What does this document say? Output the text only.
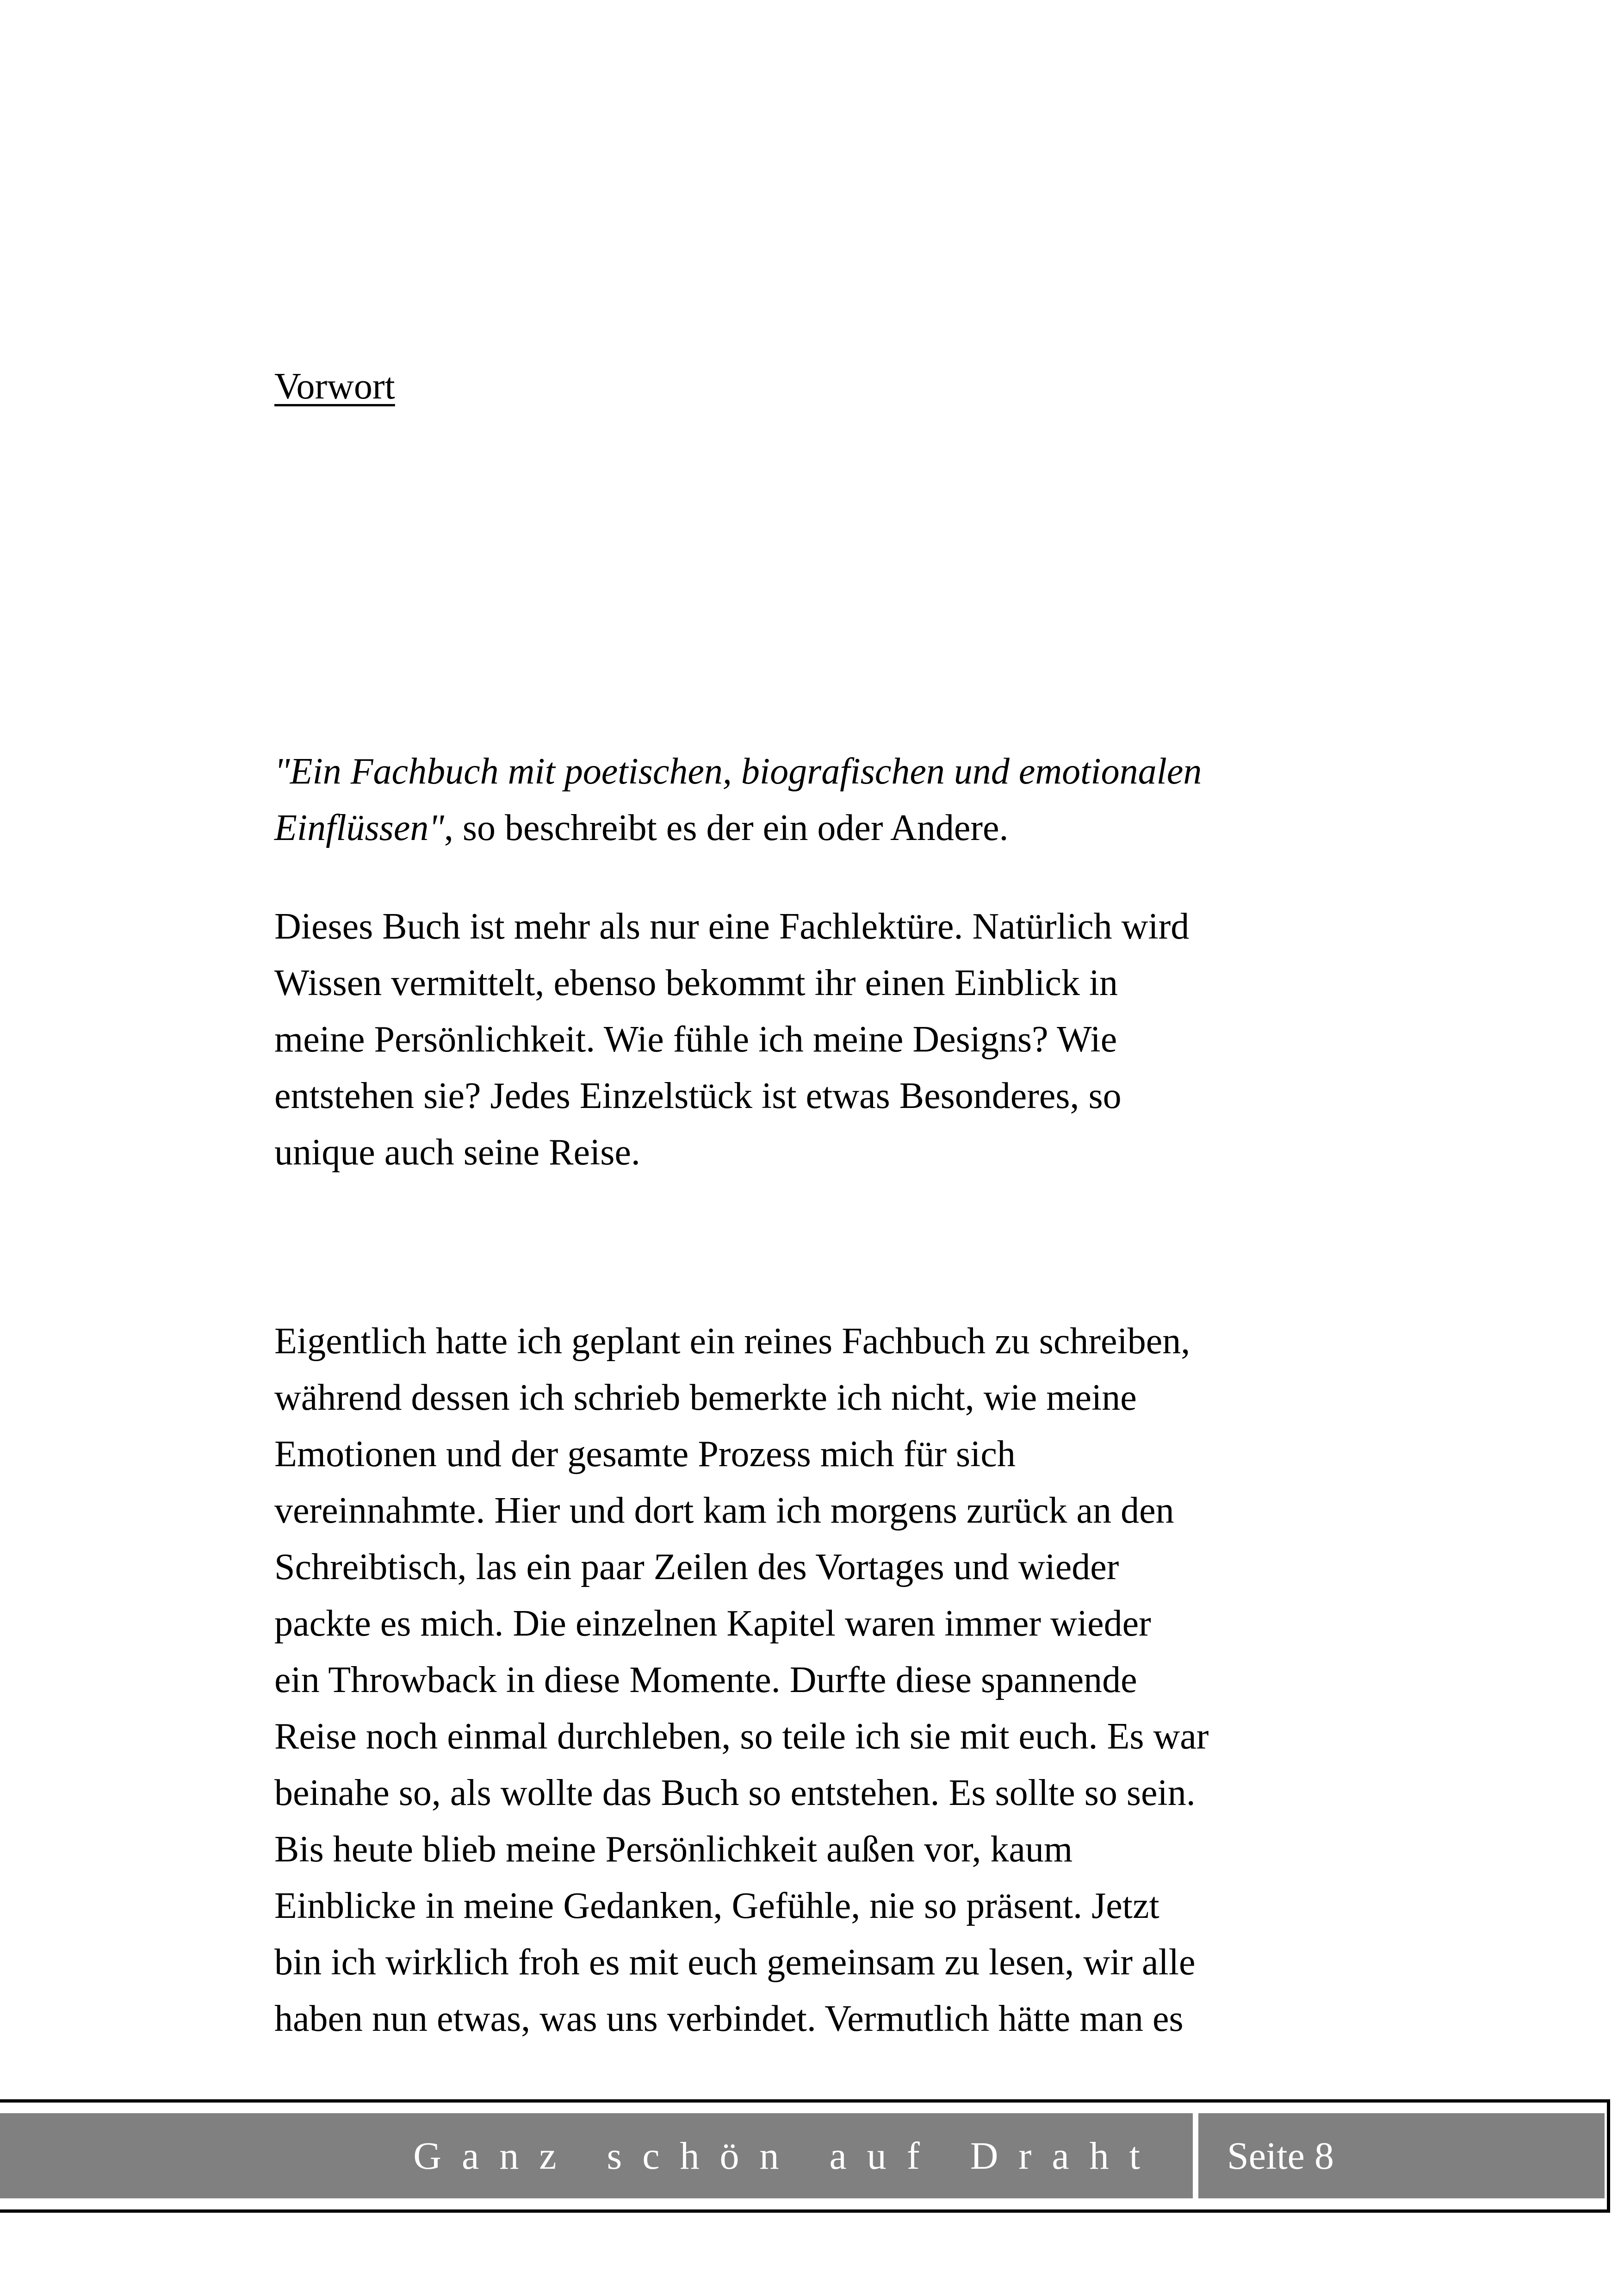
Vorwort

"Ein Fachbuch mit poetischen, biografischen und emotionalen
Einflüssen", so beschreibt es der ein oder Andere.

Dieses Buch ist mehr als nur eine Fachlektüre. Natürlich wird
Wissen vermittelt, ebenso bekommt ihr einen Einblick in
meine Persönlichkeit. Wie fühle ich meine Designs? Wie
entstehen sie? Jedes Einzelstück ist etwas Besonderes, so
unique auch seine Reise.

Eigentlich hatte ich geplant ein reines Fachbuch zu schreiben,
während dessen ich schrieb bemerkte ich nicht, wie meine
Emotionen und der gesamte Prozess mich für sich
vereinnahmte. Hier und dort kam ich morgens zurück an den
Schreibtisch, las ein paar Zeilen des Vortages und wieder
packte es mich. Die einzelnen Kapitel waren immer wieder
ein Throwback in diese Momente. Durfte diese spannende
Reise noch einmal durchleben, so teile ich sie mit euch. Es war
beinahe so, als wollte das Buch so entstehen. Es sollte so sein.
Bis heute blieb meine Persönlichkeit außen vor, kaum
Einblicke in meine Gedanken, Gefühle, nie so präsent. Jetzt
bin ich wirklich froh es mit euch gemeinsam zu lesen, wir alle
haben nun etwas, was uns verbindet. Vermutlich hätte man es

Ganz schön auf Draht Seite 8
